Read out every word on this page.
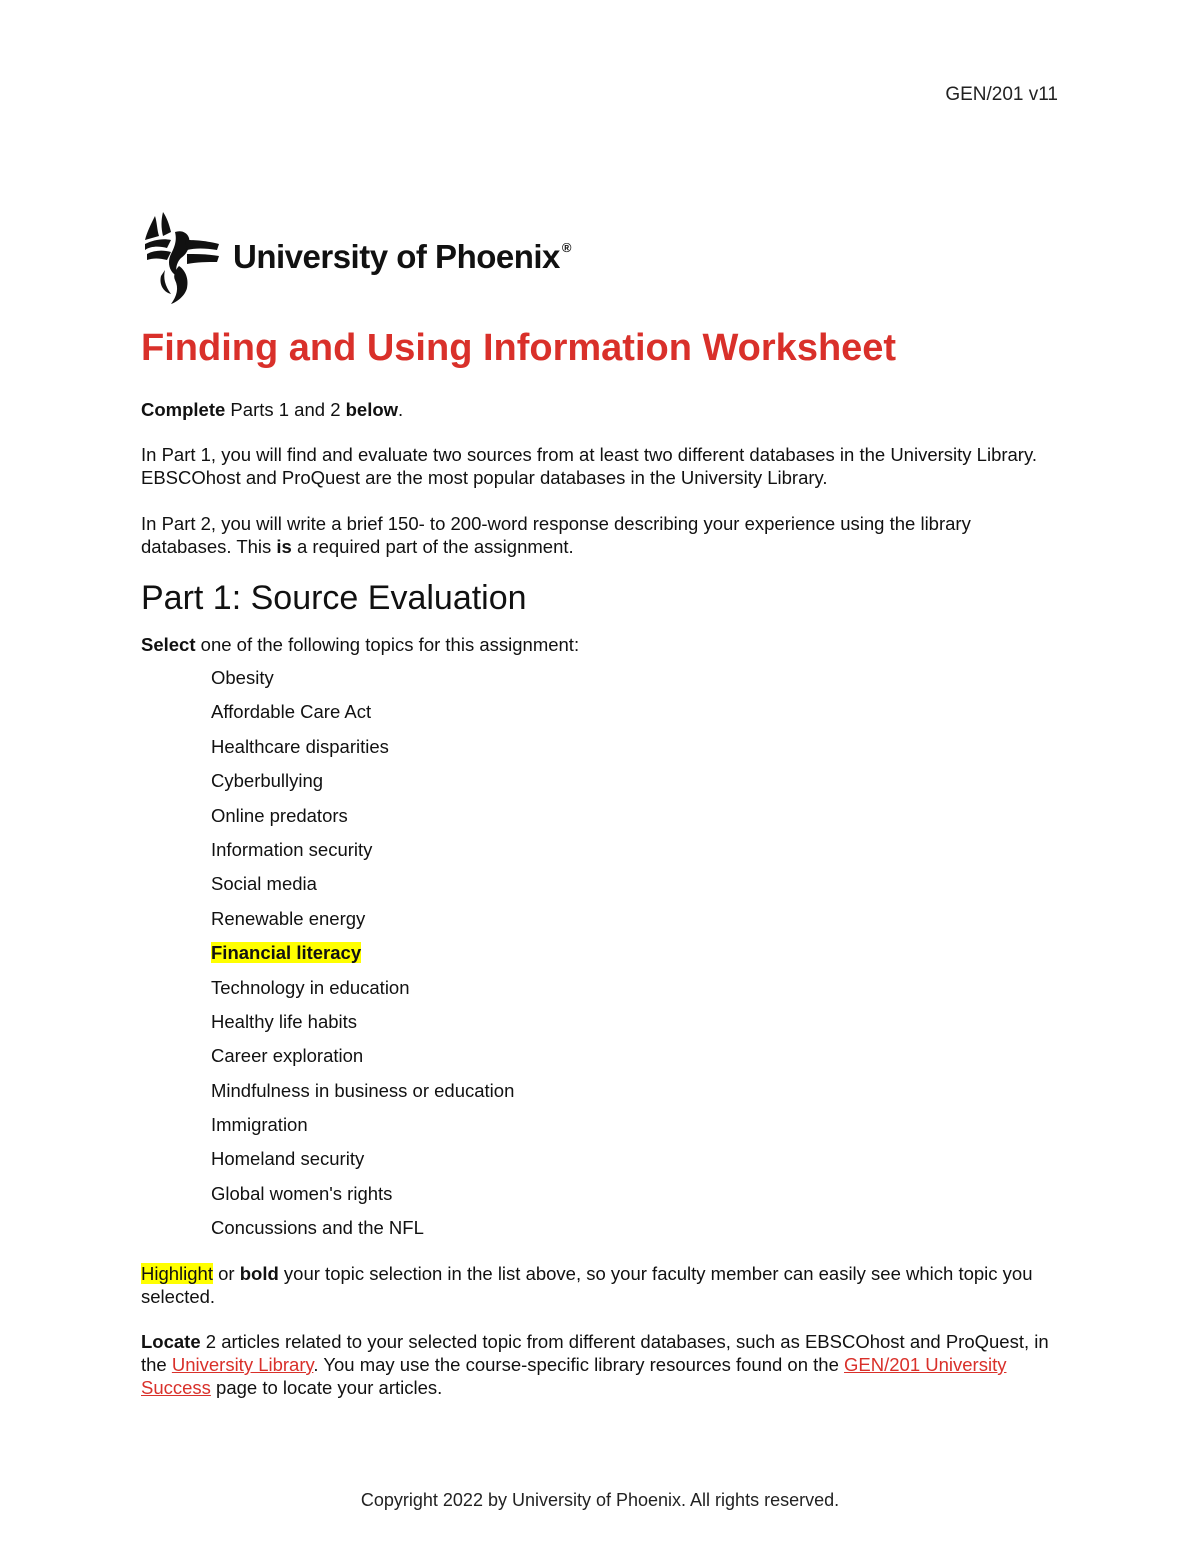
GEN/201 v11
University of Phoenix ®
Finding and Using Information Worksheet

Complete Parts 1 and 2 below.

In Part 1, you will find and evaluate two sources from at least two different databases in the University Library. EBSCOhost and ProQuest are the most popular databases in the University Library.

In Part 2, you will write a brief 150- to 200-word response describing your experience using the library databases. This is a required part of the assignment.

Part 1: Source Evaluation

Select one of the following topics for this assignment:

Obesity
Affordable Care Act
Healthcare disparities
Cyberbullying
Online predators
Information security
Social media
Renewable energy
Financial literacy
Technology in education
Healthy life habits
Career exploration
Mindfulness in business or education
Immigration
Homeland security
Global women's rights
Concussions and the NFL

Highlight or bold your topic selection in the list above, so your faculty member can easily see which topic you selected.

Locate 2 articles related to your selected topic from different databases, such as EBSCOhost and ProQuest, in the University Library. You may use the course-specific library resources found on the GEN/201 University Success page to locate your articles.

Copyright 2022 by University of Phoenix. All rights reserved.
